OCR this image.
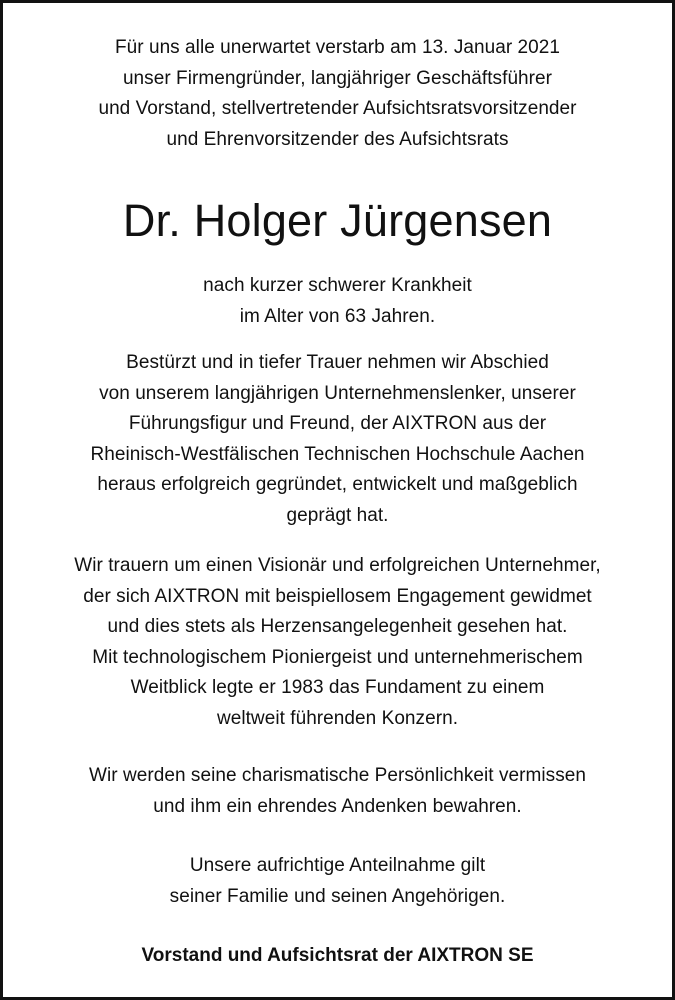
Für uns alle unerwartet verstarb am 13. Januar 2021
unser Firmengründer, langjähriger Geschäftsführer
und Vorstand, stellvertretender Aufsichtsratsvorsitzender
und Ehrenvorsitzender des Aufsichtsrats
Dr. Holger Jürgensen
nach kurzer schwerer Krankheit
im Alter von 63 Jahren.
Bestürzt und in tiefer Trauer nehmen wir Abschied
von unserem langjährigen Unternehmenslenker, unserer
Führungsfigur und Freund, der AIXTRON aus der
Rheinisch-Westfälischen Technischen Hochschule Aachen
heraus erfolgreich gegründet, entwickelt und maßgeblich
geprägt hat.
Wir trauern um einen Visionär und erfolgreichen Unternehmer,
der sich AIXTRON mit beispiellosem Engagement gewidmet
und dies stets als Herzensangelegenheit gesehen hat.
Mit technologischem Pioniergeist und unternehmerischem
Weitblick legte er 1983 das Fundament zu einem
weltweit führenden Konzern.
Wir werden seine charismatische Persönlichkeit vermissen
und ihm ein ehrendes Andenken bewahren.
Unsere aufrichtige Anteilnahme gilt
seiner Familie und seinen Angehörigen.
Vorstand und Aufsichtsrat der AIXTRON SE
